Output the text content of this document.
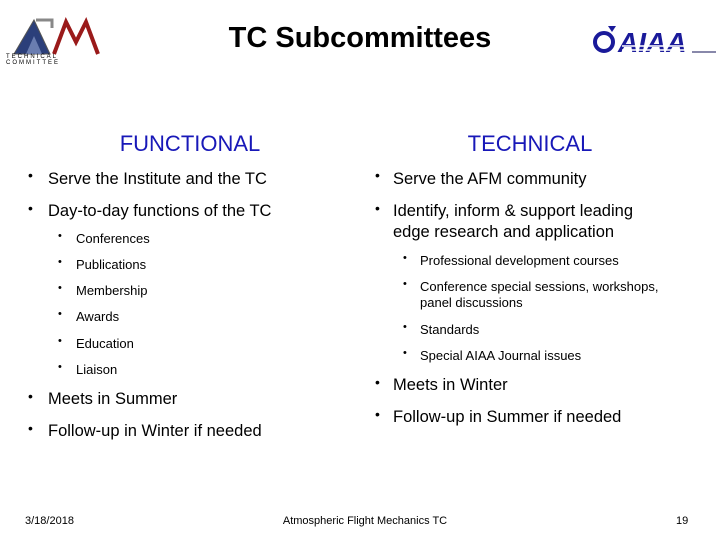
TECHNICAL COMMITTEE
TC Subcommittees	AIAA
FUNCTIONAL
• Serve the Institute and the TC
• Day-to-day functions of the TC
• Conferences
• Publications
• Membership
• Awards
• Education
• Liaison
• Meets in Summer
• Follow-up in Winter if needed
TECHNICAL
• Serve the AFM community
• Identify, inform & support leading
edge research and application
• Professional development courses
• Conference special sessions, workshops,
panel discussions
• Standards
• Special AIAA Journal issues
• Meets in Winter
• Follow-up in Summer if needed
3/18/2018	Atmospheric Flight Mechanics TC	19
